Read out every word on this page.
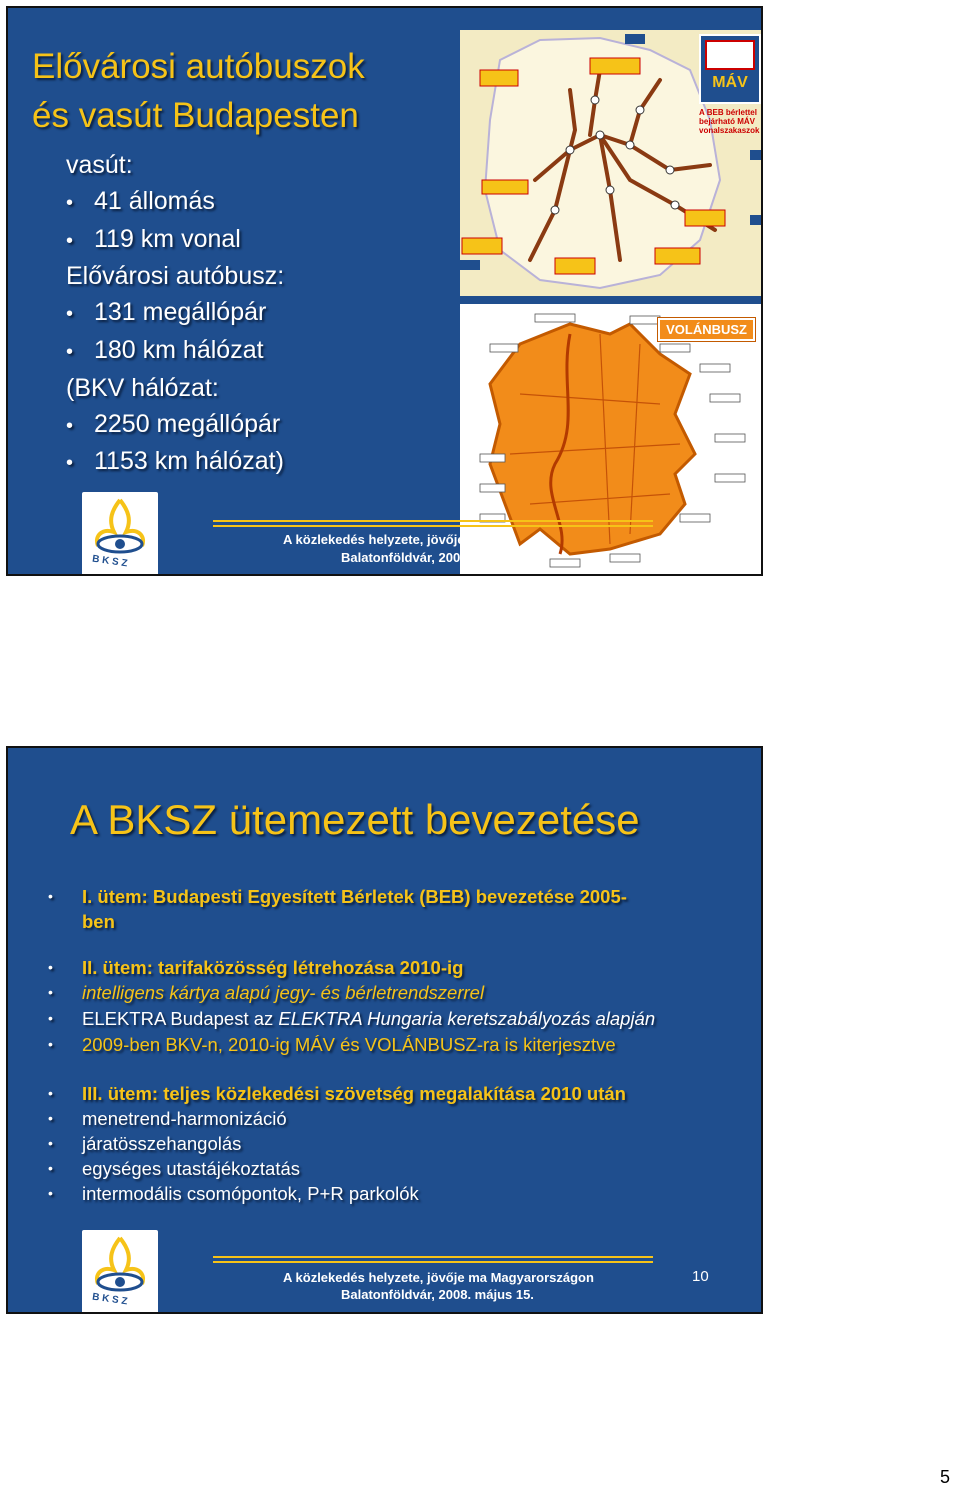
Elővárosi autóbuszok
és vasút Budapesten
vasút:
• 41 állomás
• 119 km vonal
Elővárosi autóbusz:
• 131 megállópár
• 180 km hálózat
(BKV hálózat:
• 2250 megállópár
• 1153 km hálózat)
MÁV
A BEB bérlettel bejárható MÁV vonalszakaszok
VOLÁNBUSZ
A közlekedés helyzete, jövője
Balatonföldvár, 200
B K S Z
A BKSZ ütemezett bevezetése
• I. ütem: Budapesti Egyesített Bérletek (BEB) bevezetése 2005-
ben
• II. ütem: tarifaközösség létrehozása 2010-ig
• intelligens kártya alapú jegy- és bérletrendszerrel
• ELEKTRA Budapest az ELEKTRA Hungaria keretszabályozás alapján
• 2009-ben BKV-n, 2010-ig MÁV és VOLÁNBUSZ-ra is kiterjesztve
• III. ütem: teljes közlekedési szövetség megalakítása 2010 után
• menetrend-harmonizáció
• járatösszehangolás
• egységes utastájékoztatás
• intermodális csomópontok, P+R parkolók
A közlekedés helyzete, jövője ma Magyarországon
Balatonföldvár, 2008. május 15.
10
B K S Z
5
